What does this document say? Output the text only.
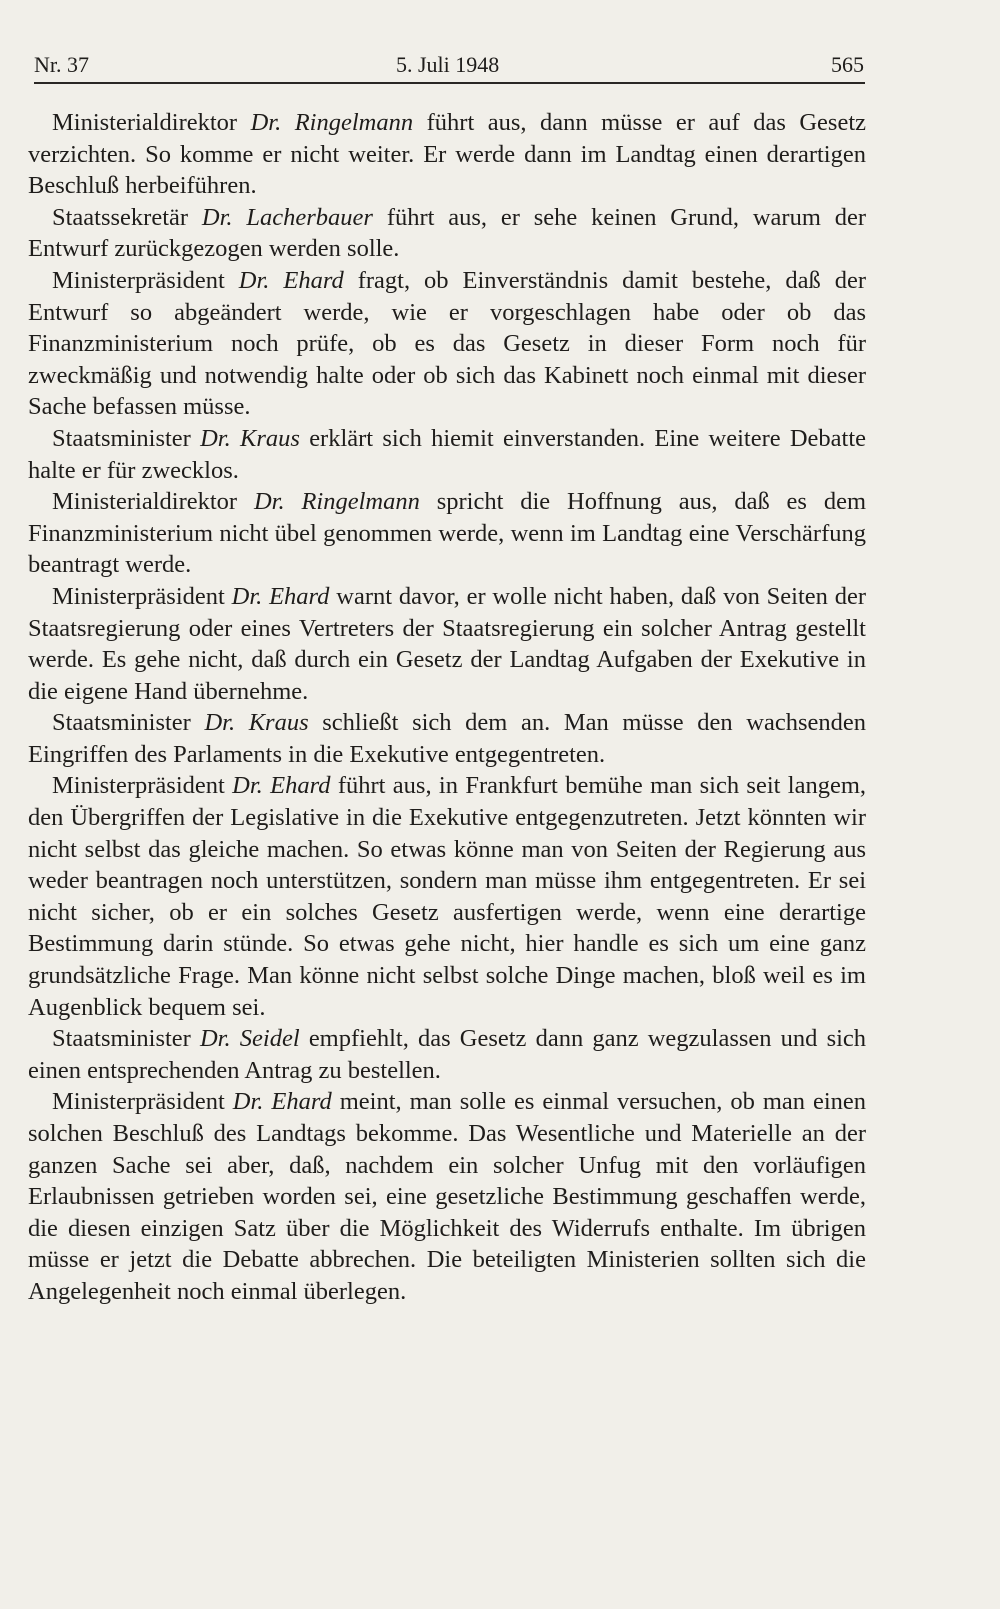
Nr. 37	5. Juli 1948	565

Ministerialdirektor Dr. Ringelmann führt aus, dann müsse er auf das Gesetz verzichten. So komme er nicht weiter. Er werde dann im Landtag einen derartigen Beschluß herbeiführen.

Staatssekretär Dr. Lacherbauer führt aus, er sehe keinen Grund, warum der Entwurf zurückgezogen werden solle.

Ministerpräsident Dr. Ehard fragt, ob Einverständnis damit bestehe, daß der Entwurf so abgeändert werde, wie er vorgeschlagen habe oder ob das Finanzministerium noch prüfe, ob es das Gesetz in dieser Form noch für zweckmäßig und notwendig halte oder ob sich das Kabinett noch einmal mit dieser Sache befassen müsse.

Staatsminister Dr. Kraus erklärt sich hiemit einverstanden. Eine weitere Debatte halte er für zwecklos.

Ministerialdirektor Dr. Ringelmann spricht die Hoffnung aus, daß es dem Finanzministerium nicht übel genommen werde, wenn im Landtag eine Verschärfung beantragt werde.

Ministerpräsident Dr. Ehard warnt davor, er wolle nicht haben, daß von Seiten der Staatsregierung oder eines Vertreters der Staatsregierung ein solcher Antrag gestellt werde. Es gehe nicht, daß durch ein Gesetz der Landtag Aufgaben der Exekutive in die eigene Hand übernehme.

Staatsminister Dr. Kraus schließt sich dem an. Man müsse den wachsenden Eingriffen des Parlaments in die Exekutive entgegentreten.

Ministerpräsident Dr. Ehard führt aus, in Frankfurt bemühe man sich seit langem, den Übergriffen der Legislative in die Exekutive entgegenzutreten. Jetzt könnten wir nicht selbst das gleiche machen. So etwas könne man von Seiten der Regierung aus weder beantragen noch unterstützen, sondern man müsse ihm entgegentreten. Er sei nicht sicher, ob er ein solches Gesetz ausfertigen werde, wenn eine derartige Bestimmung darin stünde. So etwas gehe nicht, hier handle es sich um eine ganz grundsätzliche Frage. Man könne nicht selbst solche Dinge machen, bloß weil es im Augenblick bequem sei.

Staatsminister Dr. Seidel empfiehlt, das Gesetz dann ganz wegzulassen und sich einen entsprechenden Antrag zu bestellen.

Ministerpräsident Dr. Ehard meint, man solle es einmal versuchen, ob man einen solchen Beschluß des Landtags bekomme. Das Wesentliche und Materielle an der ganzen Sache sei aber, daß, nachdem ein solcher Unfug mit den vorläufigen Erlaubnissen getrieben worden sei, eine gesetzliche Bestimmung geschaffen werde, die diesen einzigen Satz über die Möglichkeit des Widerrufs enthalte. Im übrigen müsse er jetzt die Debatte abbrechen. Die beteiligten Ministerien sollten sich die Angelegenheit noch einmal überlegen.
